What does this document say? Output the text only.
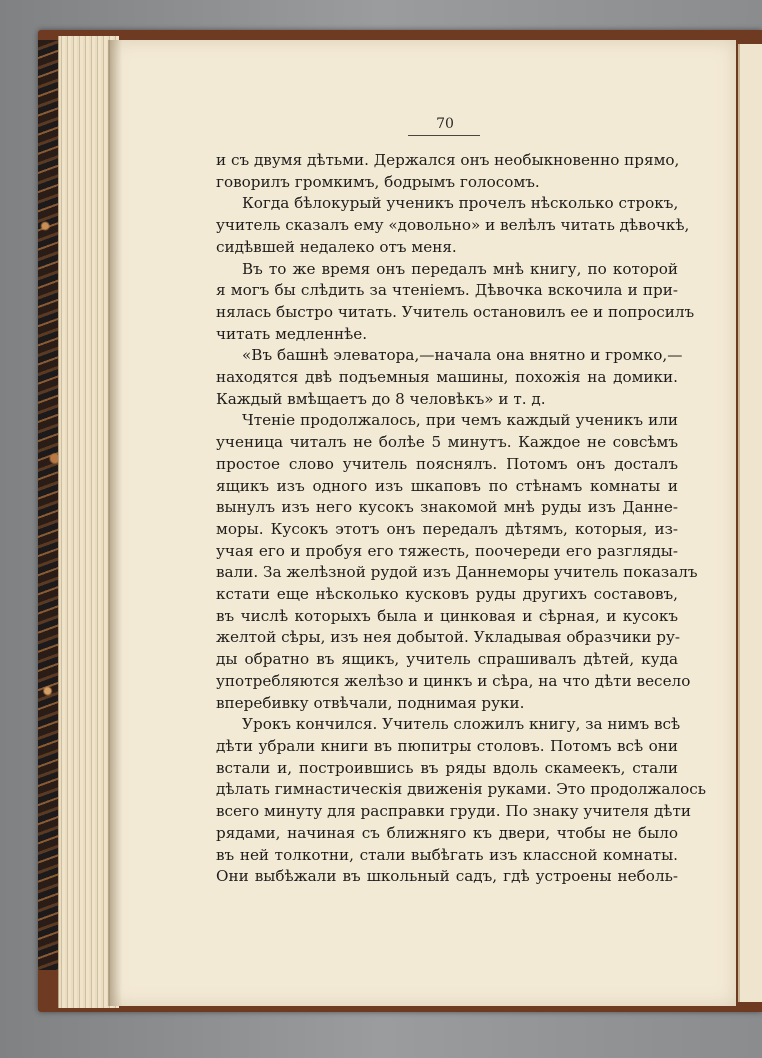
70
и съ двумя дѣтьми. Держался онъ необыкновенно прямо,
говорилъ громкимъ, бодрымъ голосомъ.
Когда бѣлокурый ученикъ прочелъ нѣсколько строкъ,
учитель сказалъ ему «довольно» и велѣлъ читать дѣвочкѣ,
сидѣвшей недалеко отъ меня.
Въ то же время онъ передалъ мнѣ книгу, по которой
я могъ бы слѣдить за чтеніемъ. Дѣвочка вскочила и при-
нялась быстро читать. Учитель остановилъ ее и попросилъ
читать медленнѣе.
«Въ башнѣ элеватора,—начала она внятно и громко,—
находятся двѣ подъемныя машины, похожія на домики.
Каждый вмѣщаетъ до 8 человѣкъ» и т. д.
Чтеніе продолжалось, при чемъ каждый ученикъ или
ученица читалъ не болѣе 5 минутъ. Каждое не совсѣмъ
простое слово учитель пояснялъ. Потомъ онъ досталъ
ящикъ изъ одного изъ шкаповъ по стѣнамъ комнаты и
вынулъ изъ него кусокъ знакомой мнѣ руды изъ Даннe-
моры. Кусокъ этотъ онъ передалъ дѣтямъ, которыя, из-
учая его и пробуя его тяжесть, поочереди его разгляды-
вали. За желѣзной рудой изъ Даннеморы учитель показалъ
кстати еще нѣсколько кусковъ руды другихъ составовъ,
въ числѣ которыхъ была и цинковая и сѣрная, и кусокъ
желтой сѣры, изъ нея добытой. Укладывая образчики ру-
ды обратно въ ящикъ, учитель спрашивалъ дѣтей, куда
употребляются желѣзо и цинкъ и сѣра, на что дѣти весело
вперебивку отвѣчали, поднимая руки.
Урокъ кончился. Учитель сложилъ книгу, за нимъ всѣ
дѣти убрали книги въ пюпитры столовъ. Потомъ всѣ они
встали и, построившись въ ряды вдоль скамеекъ, стали
дѣлать гимнастическія движенія руками. Это продолжалось
всего минуту для расправки груди. По знаку учителя дѣти
рядами, начиная съ ближняго къ двери, чтобы не было
въ ней толкотни, стали выбѣгать изъ классной комнаты.
Они выбѣжали въ школьный садъ, гдѣ устроены неболь-
